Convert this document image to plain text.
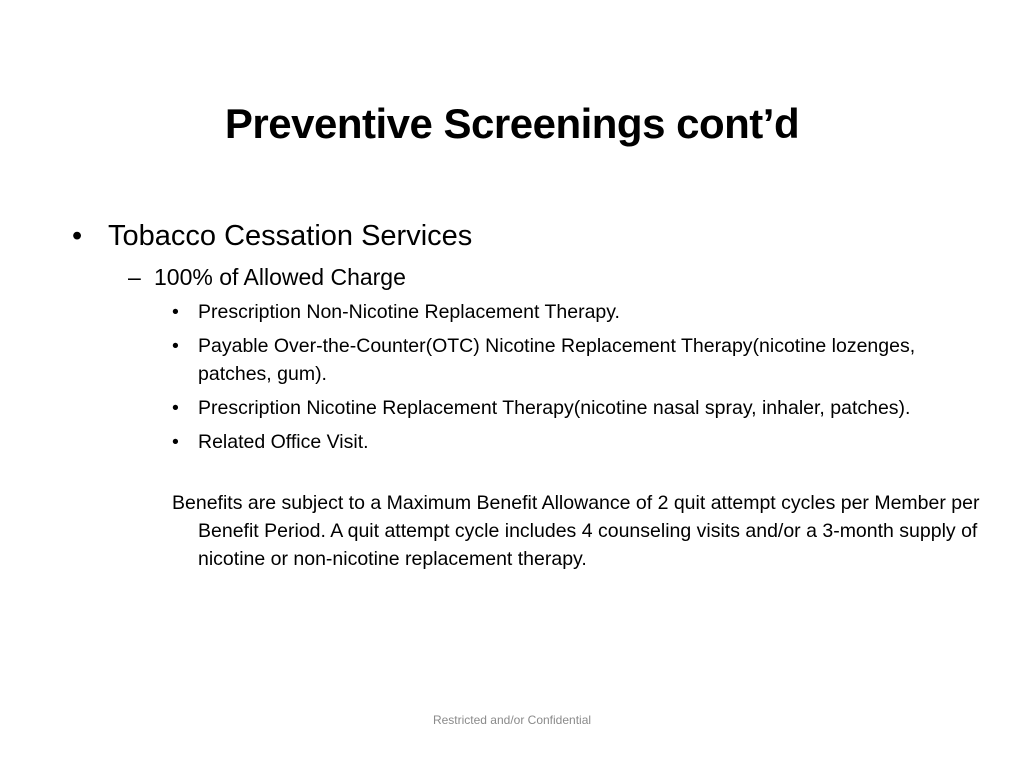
Preventive Screenings cont’d
• Tobacco Cessation Services
– 100% of Allowed Charge
• Prescription Non-Nicotine Replacement Therapy.
• Payable Over-the-Counter(OTC) Nicotine Replacement Therapy(nicotine lozenges, patches, gum).
• Prescription Nicotine Replacement Therapy(nicotine nasal spray, inhaler, patches).
• Related Office Visit.
Benefits are subject to a Maximum Benefit Allowance of 2 quit attempt cycles per Member per Benefit Period. A quit attempt cycle includes 4 counseling visits and/or a 3-month supply of nicotine or non-nicotine replacement therapy.
Restricted and/or Confidential
